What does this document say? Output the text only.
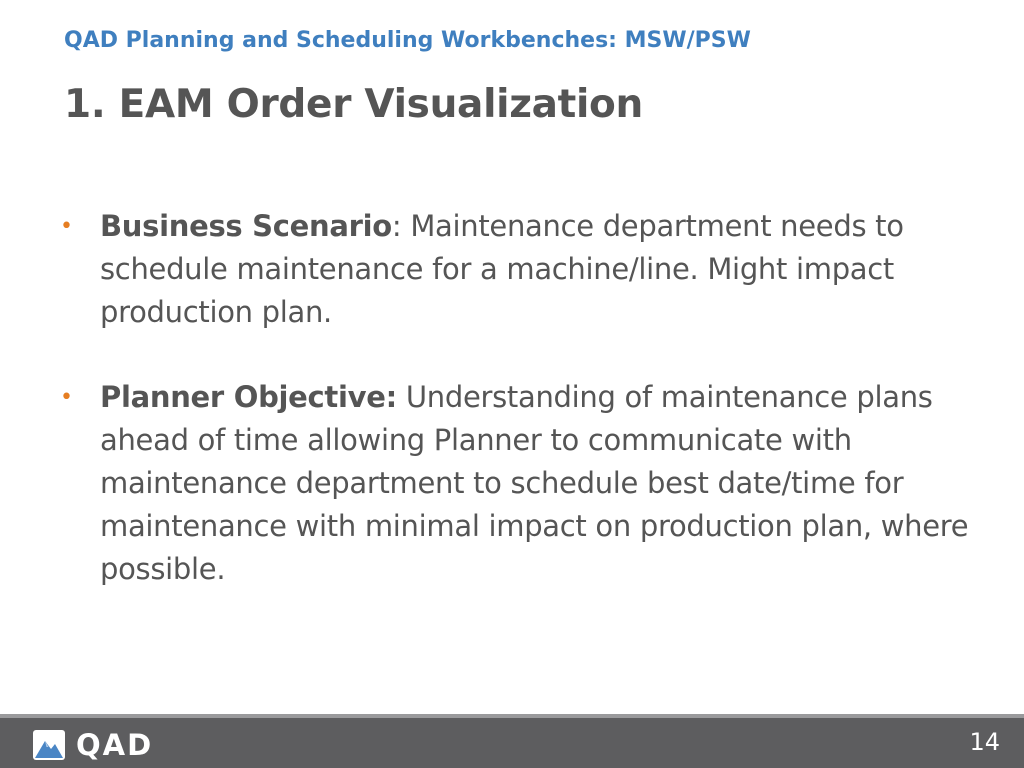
QAD Planning and Scheduling Workbenches: MSW/PSW
1. EAM Order Visualization
• Business Scenario: Maintenance department needs to schedule maintenance for a machine/line. Might impact production plan.
• Planner Objective: Understanding of maintenance plans ahead of time allowing Planner to communicate with maintenance department to schedule best date/time for maintenance with minimal impact on production plan, where possible.
QAD	14
